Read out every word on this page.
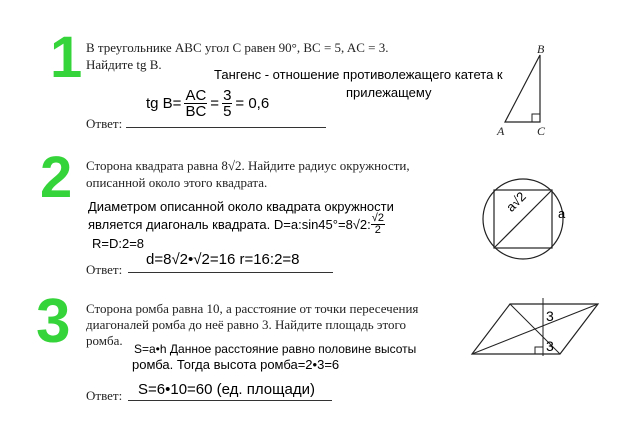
1 В треугольнике ABC угол C равен 90°, BC = 5, AC = 3.
Найдите tg B.
Тангенс - отношение противолежащего катета к
прилежащему
tg $B= \frac{AC}{BC} = \frac{3}{5} = 0,6$
Ответ:
B
A	C
2 Сторона квадрата равна 8√2. Найдите радиус окружности,
описанной около этого квадрата.
Диаметром описанной около квадрата окружности
является диагональ квадрата. D=a:sin45°=8√2: $\frac{√2}{2}$
R=D:2=8
Ответ:
d=8√2•√2=16 r=16:2=8
a√2 a
3 Сторона ромба равна 10, а расстояние от точки пересечения
диагоналей ромба до неё равно 3. Найдите площадь этого
ромба.
S=a•h Данное расстояние равно половине высоты
ромба. Тогда высота ромба=2•3=6
Ответ: S=6•10=60 (ед. площади)
3
3
